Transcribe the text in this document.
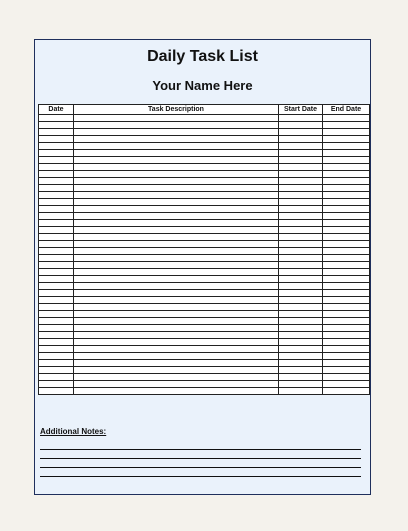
Daily Task List
Your Name Here
Date	Task Description	Start Date	End Date

Additional Notes:
